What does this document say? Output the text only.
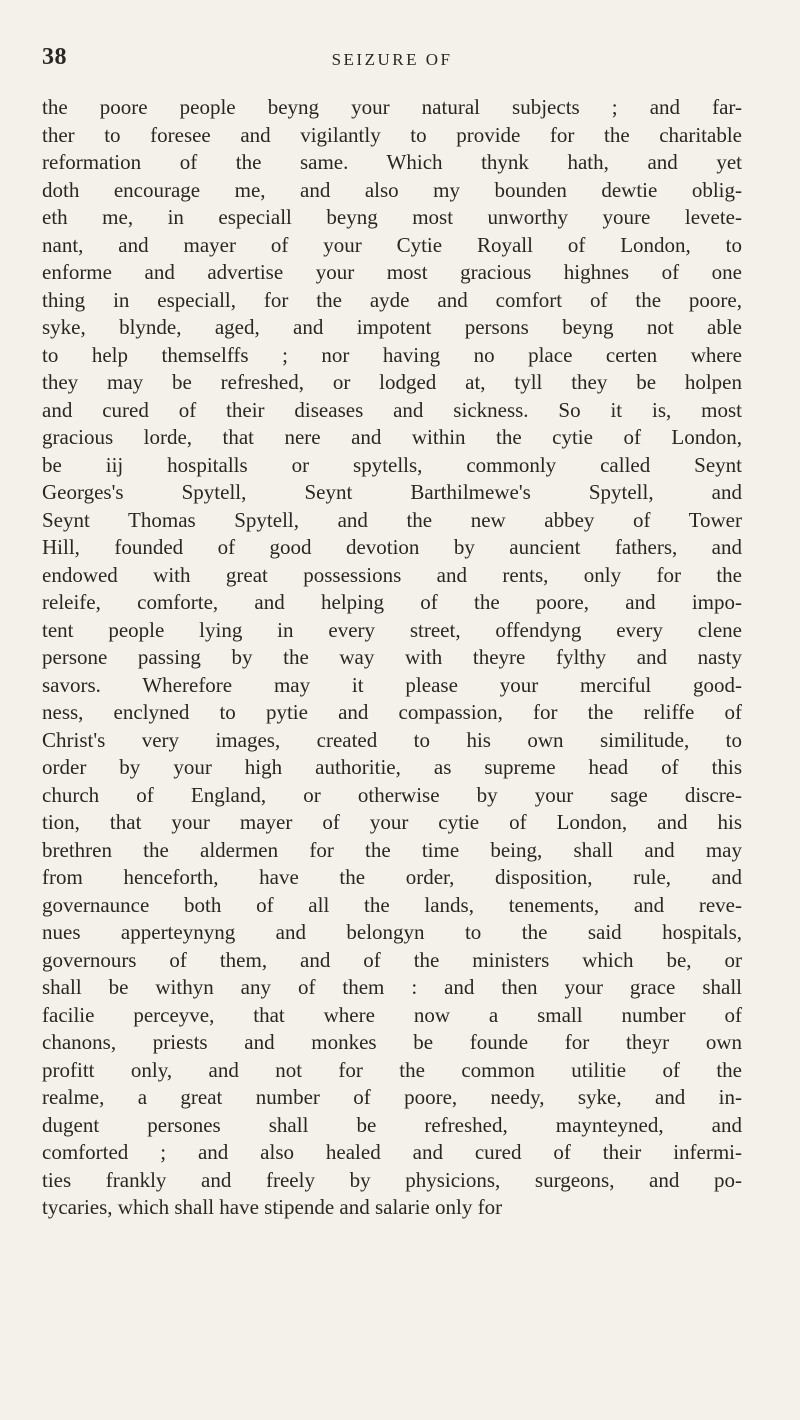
38	SEIZURE OF
the poore people beyng your natural subjects ; and far-
ther to foresee and vigilantly to provide for the charitable
reformation of the same. Which thynk hath, and yet
doth encourage me, and also my bounden dewtie oblig-
eth me, in especiall beyng most unworthy youre levete-
nant, and mayer of your Cytie Royall of London, to
enforme and advertise your most gracious highnes of one
thing in especiall, for the ayde and comfort of the poore,
syke, blynde, aged, and impotent persons beyng not able
to help themselffs ; nor having no place certen where
they may be refreshed, or lodged at, tyll they be holpen
and cured of their diseases and sickness. So it is, most
gracious lorde, that nere and within the cytie of London,
be iij hospitalls or spytells, commonly called Seynt
Georges's Spytell, Seynt Barthilmewe's Spytell, and
Seynt Thomas Spytell, and the new abbey of Tower
Hill, founded of good devotion by auncient fathers, and
endowed with great possessions and rents, only for the
releife, comforte, and helping of the poore, and impo-
tent people lying in every street, offendyng every clene
persone passing by the way with theyre fylthy and nasty
savors. Wherefore may it please your merciful good-
ness, enclyned to pytie and compassion, for the reliffe of
Christ's very images, created to his own similitude, to
order by your high authoritie, as supreme head of this
church of England, or otherwise by your sage discre-
tion, that your mayer of your cytie of London, and his
brethren the aldermen for the time being, shall and may
from henceforth, have the order, disposition, rule, and
governaunce both of all the lands, tenements, and reve-
nues apperteynyng and belongyn to the said hospitals,
governours of them, and of the ministers which be, or
shall be withyn any of them : and then your grace shall
facilie perceyve, that where now a small number of
chanons, priests and monkes be founde for theyr own
profitt only, and not for the common utilitie of the
realme, a great number of poore, needy, syke, and in-
dugent persones shall be refreshed, maynteyned, and
comforted ; and also healed and cured of their infermi-
ties frankly and freely by physicions, surgeons, and po-
tycaries, which shall have stipende and salarie only for
